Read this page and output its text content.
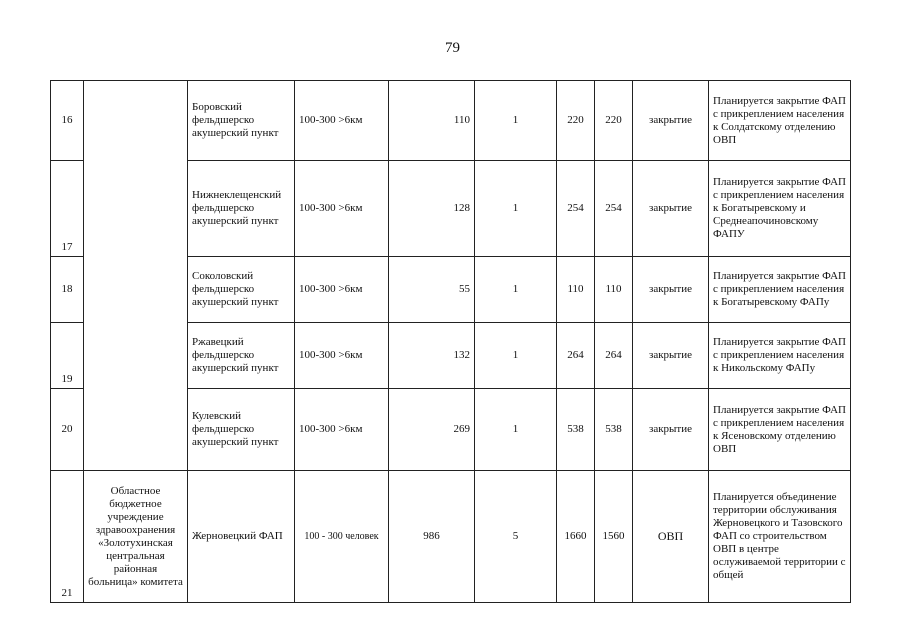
79
16		Боровский фельдшерско акушерский пункт	100-300 >6км	110	1	220	220	закрытие	Планируется закрытие ФАП с прикреплением населения к Солдатскому отделению ОВП
17		Нижнеклещенский фельдшерско акушерский пункт	100-300 >6км	128	1	254	254	закрытие	Планируется закрытие ФАП с прикреплением населения к Богатыревскому и Среднеапочиновскому ФАПУ
18		Соколовский фельдшерско акушерский пункт	100-300 >6км	55	1	110	110	закрытие	Планируется закрытие ФАП с прикреплением населения к Богатыревскому ФАПу
19		Ржавецкий фельдшерско акушерский пункт	100-300 >6км	132	1	264	264	закрытие	Планируется закрытие ФАП с прикреплением населения к Никольскому ФАПу
20		Кулевский фельдшерско акушерский пункт	100-300 >6км	269	1	538	538	закрытие	Планируется закрытие ФАП с прикреплением населения к Ясеновскому отделению ОВП
21	Областное бюджетное учреждение здравоохранения «Золотухинская центральная районная больница» комитета	Жерновецкий ФАП	100 - 300 человек	986	5	1660	1560	ОВП	Планируется объединение территории обслуживания Жерновецкого и Тазовского ФАП со строительством ОВП в центре ослуживаемой территории с общей
